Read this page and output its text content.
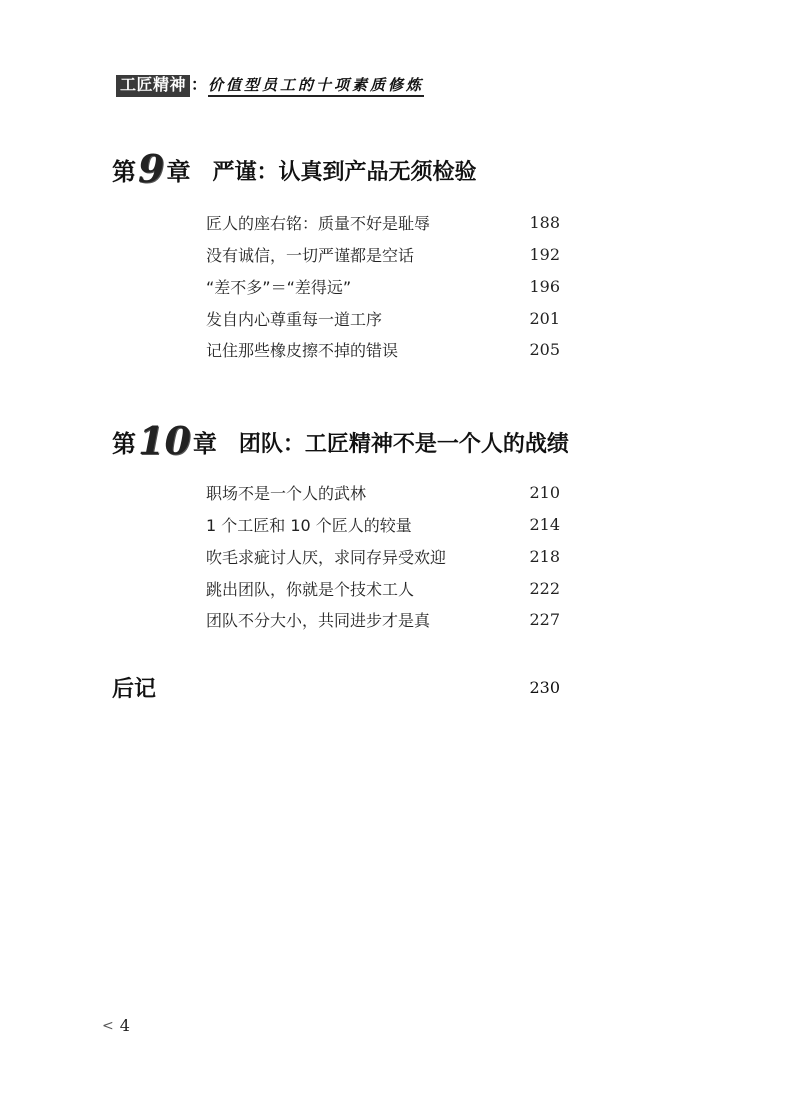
工匠精神 ： 价值型员工的十项素质修炼
第 9 章 严谨：认真到产品无须检验
匠人的座右铭：质量不好是耻辱	188
没有诚信，一切严谨都是空话	192
“差不多”＝“差得远”	196
发自内心尊重每一道工序	201
记住那些橡皮擦不掉的错误	205
第 10 章 团队：工匠精神不是一个人的战绩
职场不是一个人的武林	210
1 个工匠和 10 个匠人的较量	214
吹毛求疵讨人厌，求同存异受欢迎	218
跳出团队，你就是个技术工人	222
团队不分大小，共同进步才是真	227
后记	230
< 4
